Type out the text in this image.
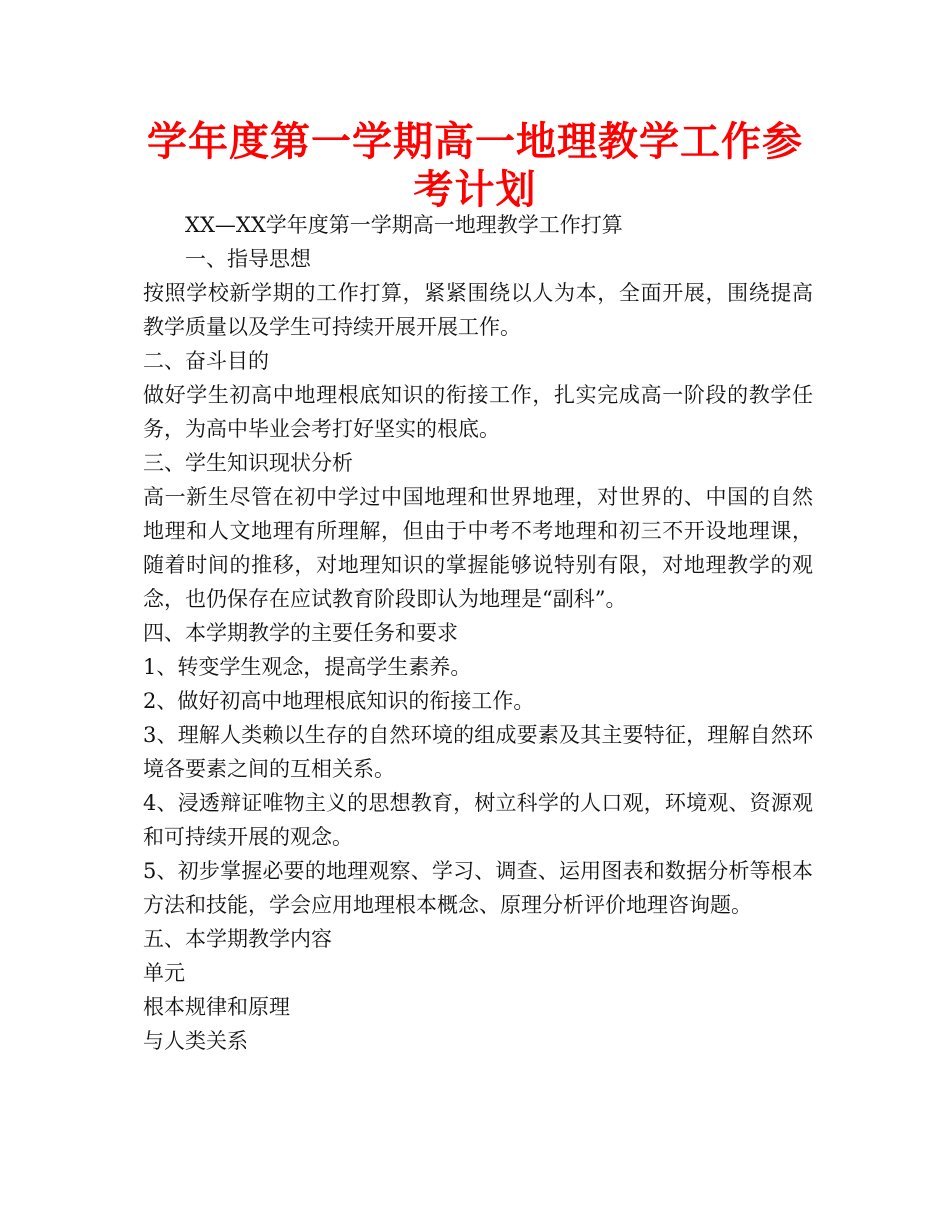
学年度第一学期高一地理教学工作参考计划

XX—XX学年度第一学期高一地理教学工作打算

一、指导思想

按照学校新学期的工作打算，紧紧围绕以人为本，全面开展，围绕提高教学质量以及学生可持续开展开展工作。

二、奋斗目的

做好学生初高中地理根底知识的衔接工作，扎实完成高一阶段的教学任务，为高中毕业会考打好坚实的根底。

三、学生知识现状分析

高一新生尽管在初中学过中国地理和世界地理，对世界的、中国的自然地理和人文地理有所理解，但由于中考不考地理和初三不开设地理课，随着时间的推移，对地理知识的掌握能够说特别有限，对地理教学的观念，也仍保存在应试教育阶段即认为地理是“副科”。

四、本学期教学的主要任务和要求

1、转变学生观念，提高学生素养。

2、做好初高中地理根底知识的衔接工作。

3、理解人类赖以生存的自然环境的组成要素及其主要特征，理解自然环境各要素之间的互相关系。

4、浸透辩证唯物主义的思想教育，树立科学的人口观，环境观、资源观和可持续开展的观念。

5、初步掌握必要的地理观察、学习、调查、运用图表和数据分析等根本方法和技能，学会应用地理根本概念、原理分析评价地理咨询题。

五、本学期教学内容

单元

根本规律和原理

与人类关系
